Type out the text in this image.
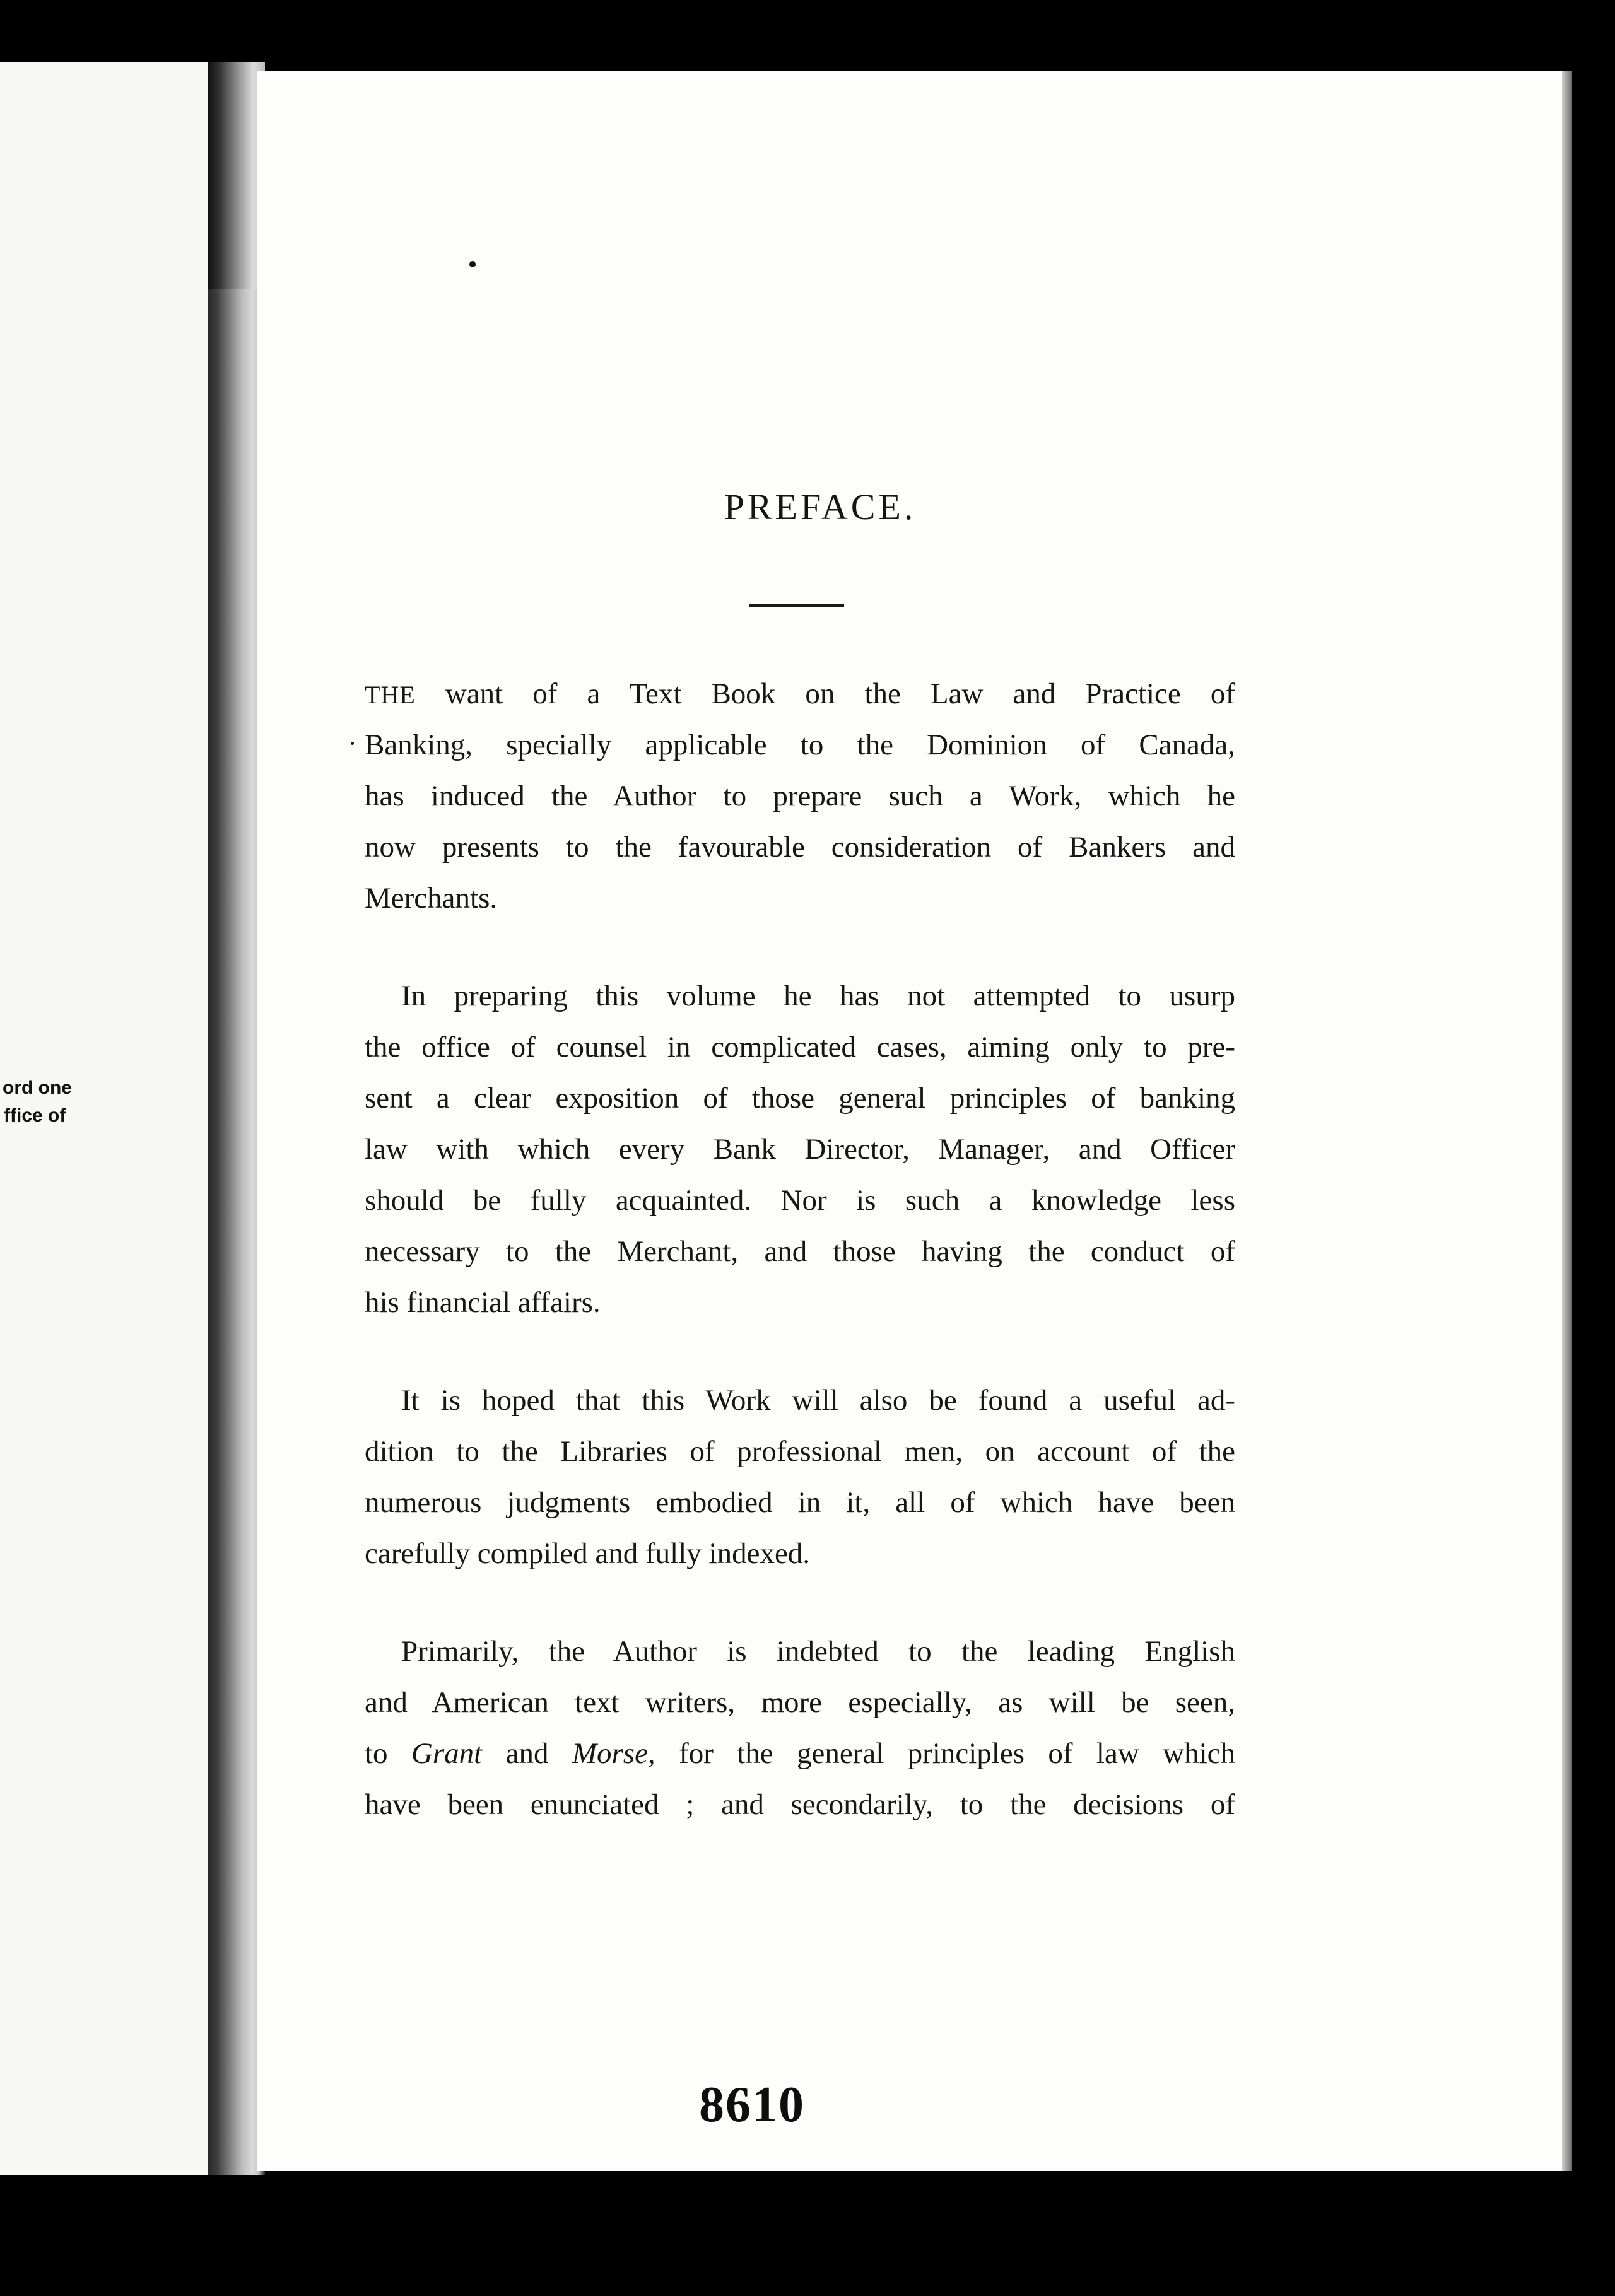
ord one
ffice of
PREFACE.
THE want of a Text Book on the Law and Practice of
Banking, specially applicable to the Dominion of Canada,
has induced the Author to prepare such a Work, which he
now presents to the favourable consideration of Bankers and
Merchants.
In preparing this volume he has not attempted to usurp
the office of counsel in complicated cases, aiming only to pre-
sent a clear exposition of those general principles of banking
law with which every Bank Director, Manager, and Officer
should be fully acquainted. Nor is such a knowledge less
necessary to the Merchant, and those having the conduct of
his financial affairs.
It is hoped that this Work will also be found a useful ad-
dition to the Libraries of professional men, on account of the
numerous judgments embodied in it, all of which have been
carefully compiled and fully indexed.
Primarily, the Author is indebted to the leading English
and American text writers, more especially, as will be seen,
to Grant and Morse, for the general principles of law which
have been enunciated ; and secondarily, to the decisions of
8610
